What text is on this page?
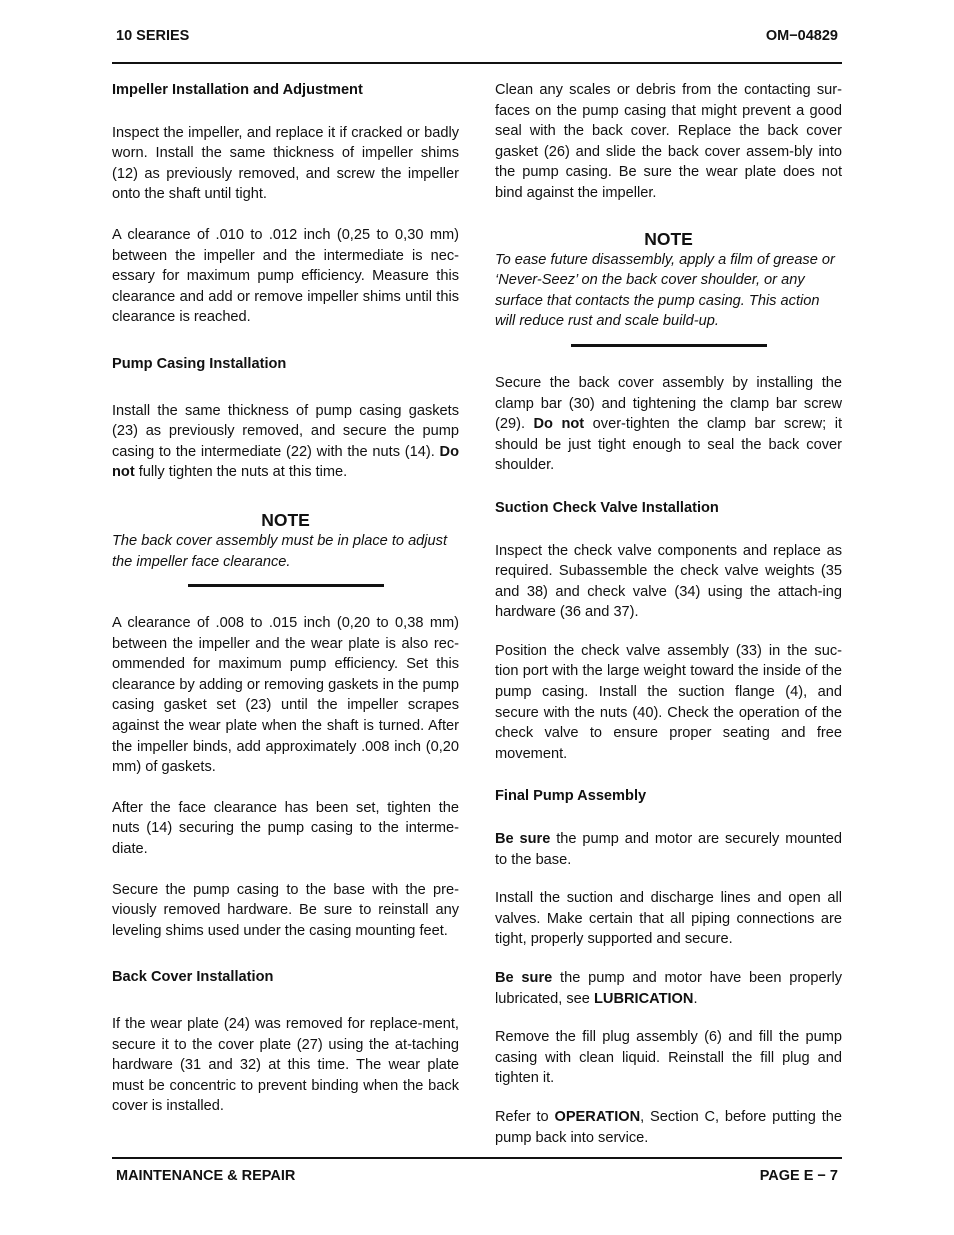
10 SERIES	OM−04829

Impeller Installation and Adjustment

Inspect the impeller, and replace it if cracked or badly worn. Install the same thickness of impeller shims (12) as previously removed, and screw the impeller onto the shaft until tight.

A clearance of .010 to .012 inch (0,25 to 0,30 mm) between the impeller and the intermediate is nec-essary for maximum pump efficiency. Measure this clearance and add or remove impeller shims until this clearance is reached.

Pump Casing Installation

Install the same thickness of pump casing gaskets (23) as previously removed, and secure the pump casing to the intermediate (22) with the nuts (14). Do not fully tighten the nuts at this time.

NOTE

The back cover assembly must be in place to adjust the impeller face clearance.

A clearance of .008 to .015 inch (0,20 to 0,38 mm) between the impeller and the wear plate is also rec-ommended for maximum pump efficiency. Set this clearance by adding or removing gaskets in the pump casing gasket set (23) until the impeller scrapes against the wear plate when the shaft is turned. After the impeller binds, add approximately .008 inch (0,20 mm) of gaskets.

After the face clearance has been set, tighten the nuts (14) securing the pump casing to the interme-diate.

Secure the pump casing to the base with the pre-viously removed hardware. Be sure to reinstall any leveling shims used under the casing mounting feet.

Back Cover Installation

If the wear plate (24) was removed for replace-ment, secure it to the cover plate (27) using the at-taching hardware (31 and 32) at this time. The wear plate must be concentric to prevent binding when the back cover is installed.

Clean any scales or debris from the contacting sur-faces on the pump casing that might prevent a good seal with the back cover. Replace the back cover gasket (26) and slide the back cover assem-bly into the pump casing. Be sure the wear plate does not bind against the impeller.

NOTE

To ease future disassembly, apply a film of grease or ‘Never-Seez’ on the back cover shoulder, or any surface that contacts the pump casing. This action will reduce rust and scale build-up.

Secure the back cover assembly by installing the clamp bar (30) and tightening the clamp bar screw (29). Do not over-tighten the clamp bar screw; it should be just tight enough to seal the back cover shoulder.

Suction Check Valve Installation

Inspect the check valve components and replace as required. Subassemble the check valve weights (35 and 38) and check valve (34) using the attach-ing hardware (36 and 37).

Position the check valve assembly (33) in the suc-tion port with the large weight toward the inside of the pump casing. Install the suction flange (4), and secure with the nuts (40). Check the operation of the check valve to ensure proper seating and free movement.

Final Pump Assembly

Be sure the pump and motor are securely mounted to the base.

Install the suction and discharge lines and open all valves. Make certain that all piping connections are tight, properly supported and secure.

Be sure the pump and motor have been properly lubricated, see LUBRICATION.

Remove the fill plug assembly (6) and fill the pump casing with clean liquid. Reinstall the fill plug and tighten it.

Refer to OPERATION, Section C, before putting the pump back into service.

MAINTENANCE & REPAIR	PAGE E − 7
